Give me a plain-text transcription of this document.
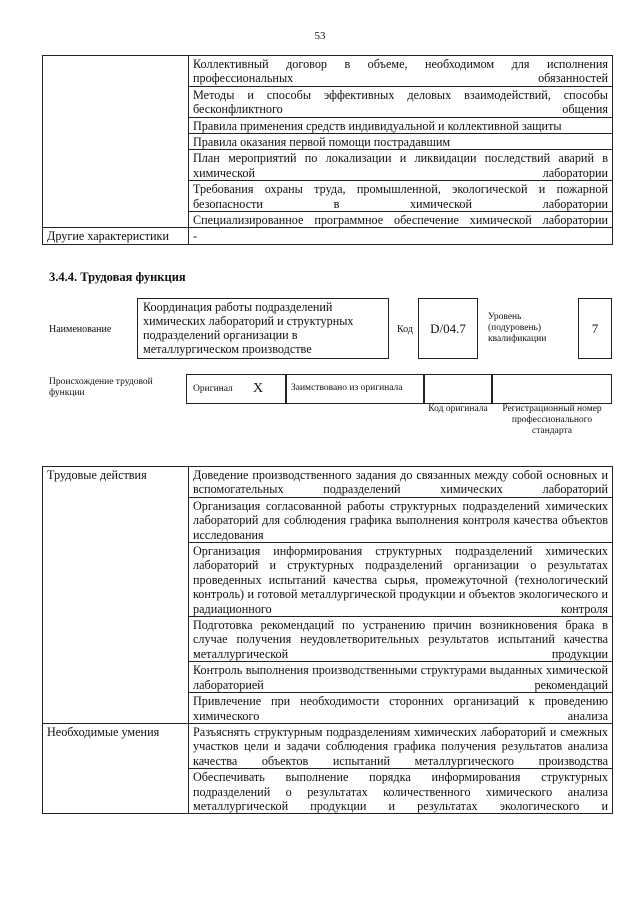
53
	Коллективный договор в объеме, необходимом для исполнения профессиональных обязанностей
	Методы и способы эффективных деловых взаимодействий, способы бесконфликтного общения
	Правила применения средств индивидуальной и коллективной защиты
	Правила оказания первой помощи пострадавшим
	План мероприятий по локализации и ликвидации последствий аварий в химической лаборатории
	Требования охраны труда, промышленной, экологической и пожарной безопасности в химической лаборатории
	Специализированное программное обеспечение химической лаборатории
Другие характеристики	-
3.4.4. Трудовая функция
Наименование
Координация работы подразделений химических лабораторий и структурных подразделений организации в металлургическом производстве
Код	D/04.7
Уровень (подуровень) квалификации
7
Происхождение трудовой функции	Оригинал X	Заимствовано из оригинала
Код оригинала	Регистрационный номер профессионального стандарта
Трудовые действия	Доведение производственного задания до связанных между собой основных и вспомогательных подразделений химических лабораторий
	Организация согласованной работы структурных подразделений химических лабораторий для соблюдения графика выполнения контроля качества объектов исследования
	Организация информирования структурных подразделений химических лабораторий и структурных подразделений организации о результатах проведенных испытаний качества сырья, промежуточной (технологический контроль) и готовой металлургической продукции и объектов экологического и радиационного контроля
	Подготовка рекомендаций по устранению причин возникновения брака в случае получения неудовлетворительных результатов испытаний качества металлургической продукции
	Контроль выполнения производственными структурами выданных химической лабораторией рекомендаций
	Привлечение при необходимости сторонних организаций к проведению химического анализа
Необходимые умения	Разъяснять структурным подразделениям химических лабораторий и смежных участков цели и задачи соблюдения графика получения результатов анализа качества объектов испытаний металлургического производства
	Обеспечивать выполнение порядка информирования структурных подразделений о результатах количественного химического анализа металлургической продукции и результатах экологического и
